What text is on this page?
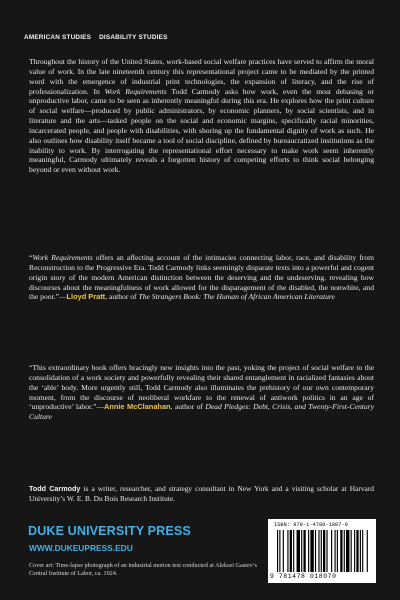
AMERICAN STUDIES DISABILITY STUDIES

Throughout the history of the United States, work-based social welfare practices have served to affirm the moral value of work. In the late nineteenth century this representational project came to be mediated by the printed word with the emergence of industrial print technologies, the expansion of literacy, and the rise of professionalization. In Work Requirements Todd Carmody asks how work, even the most debasing or unproductive labor, came to be seen as inherently meaningful during this era. He explores how the print culture of social welfare—produced by public administrators, by economic planners, by social scientists, and in literature and the arts—tasked people on the social and economic margins, specifically racial minorities, incarcerated people, and people with disabilities, with shoring up the fundamental dignity of work as such. He also outlines how disability itself became a tool of social discipline, defined by bureaucratized institutions as the inability to work. By interrogating the representational effort necessary to make work seem inherently meaningful, Carmody ultimately reveals a forgotten history of competing efforts to think social belonging beyond or even without work.

“Work Requirements offers an affecting account of the intimacies connecting labor, race, and disability from Reconstruction to the Progressive Era. Todd Carmody links seemingly disparate texts into a powerful and cogent origin story of the modern American distinction between the deserving and the undeserving, revealing how discourses about the meaningfulness of work allowed for the disparagement of the disabled, the nonwhite, and the poor.”—Lloyd Pratt, author of The Strangers Book: The Human of African American Literature

“This extraordinary book offers bracingly new insights into the past, yoking the project of social welfare to the consolidation of a work society and powerfully revealing their shared entanglement in racialized fantasies about the ‘able’ body. More urgently still, Todd Carmody also illuminates the prehistory of our own contemporary moment, from the discourse of neoliberal workfare to the renewal of antiwork politics in an age of ‘unproductive’ labor.”—Annie McClanahan, author of Dead Pledges: Debt, Crisis, and Twenty-First-Century Culture

Todd Carmody is a writer, researcher, and strategy consultant in New York and a visiting scholar at Harvard University’s W. E. B. Du Bois Research Institute.

DUKE UNIVERSITY PRESS
WWW.DUKEUPRESS.EDU
Cover art: Time-lapse photograph of an industrial motion test conducted at Aleksei Gastev’s Central Institute of Labor, ca. 1924.
ISBN: 978-1-4780-1807-0
9 781478 018070
